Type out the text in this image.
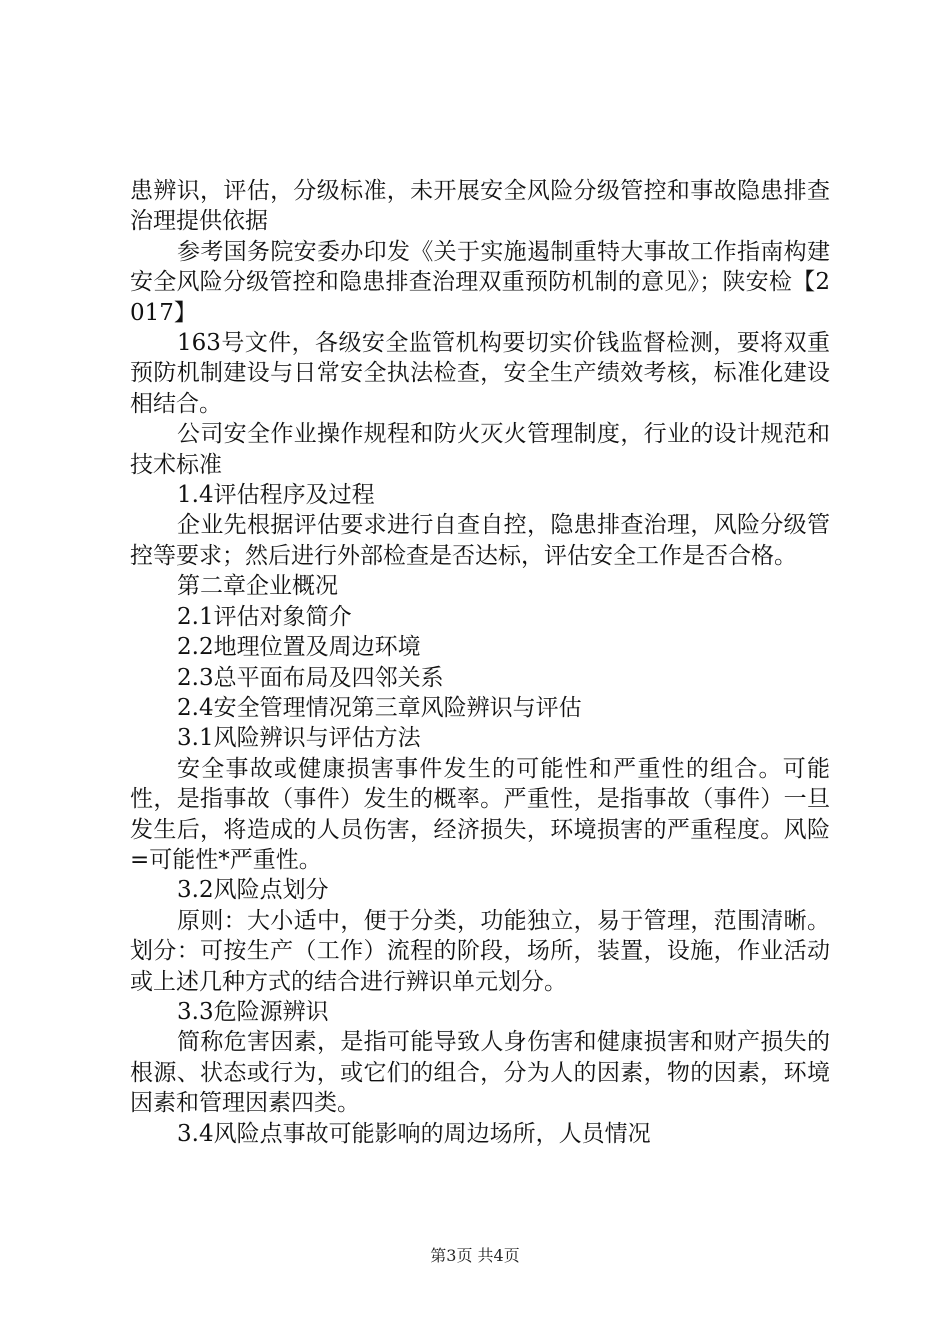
患辨识，评估，分级标准，未开展安全风险分级管控和事故隐患排查治理提供依据

参考国务院安委办印发《关于实施遏制重特大事故工作指南构建安全风险分级管控和隐患排查治理双重预防机制的意见》；陕安检【2017】

163号文件，各级安全监管机构要切实价钱监督检测，要将双重预防机制建设与日常安全执法检查，安全生产绩效考核，标准化建设相结合。

公司安全作业操作规程和防火灭火管理制度，行业的设计规范和技术标准

1.4评估程序及过程

企业先根据评估要求进行自查自控，隐患排查治理，风险分级管控等要求；然后进行外部检查是否达标，评估安全工作是否合格。

第二章企业概况

2.1评估对象简介

2.2地理位置及周边环境

2.3总平面布局及四邻关系

2.4安全管理情况第三章风险辨识与评估

3.1风险辨识与评估方法

安全事故或健康损害事件发生的可能性和严重性的组合。可能性，是指事故（事件）发生的概率。严重性，是指事故（事件）一旦发生后，将造成的人员伤害，经济损失，环境损害的严重程度。风险=可能性*严重性。

3.2风险点划分

原则：大小适中，便于分类，功能独立，易于管理，范围清晰。划分：可按生产（工作）流程的阶段，场所，装置，设施，作业活动或上述几种方式的结合进行辨识单元划分。

3.3危险源辨识

简称危害因素，是指可能导致人身伤害和健康损害和财产损失的根源、状态或行为，或它们的组合，分为人的因素，物的因素，环境因素和管理因素四类。

3.4风险点事故可能影响的周边场所，人员情况

第3页 共4页
